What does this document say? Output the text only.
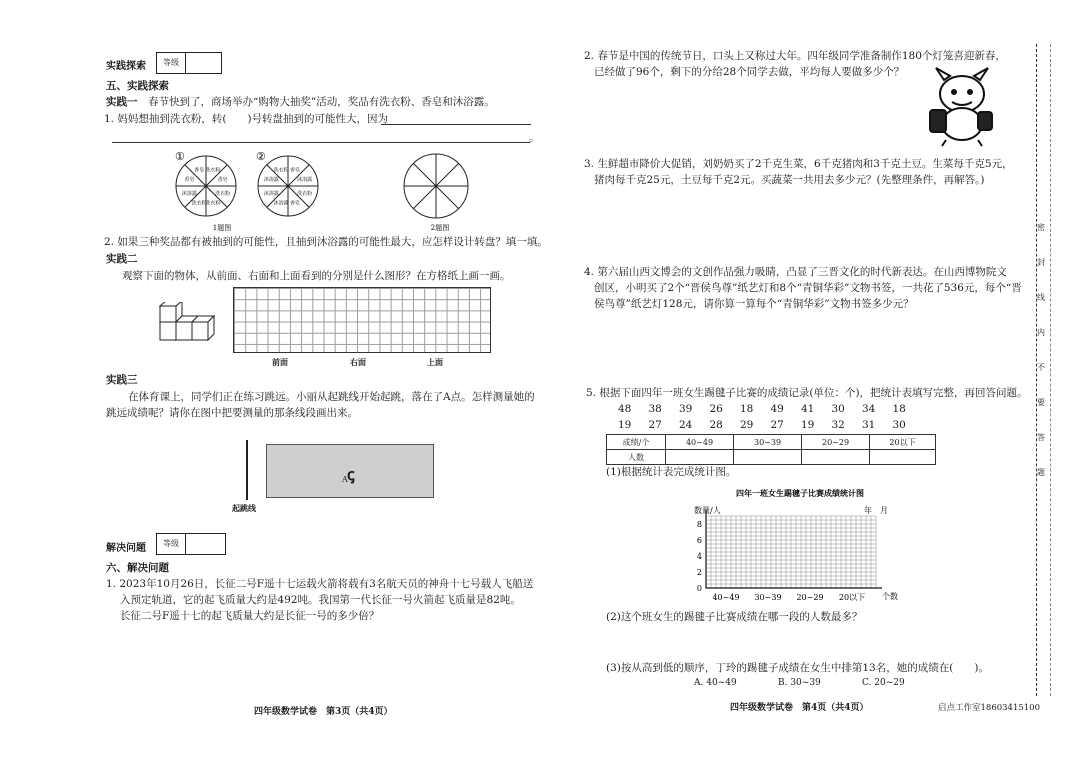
实践探索	等级
五、实践探索
实践一　 春节快到了，商场举办“购物大抽奖”活动，奖品有洗衣粉、香皂和沐浴露。
1. 妈妈想抽到洗衣粉，转(　　)号转盘抽到的可能性大，因为
。
①	②
1题图	2题图
洗衣粉
洗衣粉
洗衣粉
沐浴露
香皂
香皂 洗衣粉
香皂
洗衣粉
香皂
沐浴露
沐浴露
沐浴露
洗衣粉 香皂
沐浴露
2. 如果三种奖品都有被抽到的可能性，且抽到沐浴露的可能性最大，应怎样设计转盘？填一填。
实践二
观察下面的物体，从前面、右面和上面看到的分别是什么图形？在方格纸上画一画。
前面	右面	上面
实践三
在体育课上，同学们正在练习跳远。小丽从起跳线开始起跳，落在了A点。怎样测量她的
跳远成绩呢？请你在图中把要测量的那条线段画出来。
ꞔ
A
起跳线
解决问题	等级
六、解决问题
1. 2023年10月26日，长征二号F遥十七运载火箭将载有3名航天员的神舟十七号载人飞船送
入预定轨道，它的起飞质量大约是492吨。我国第一代长征一号火箭起飞质量是82吨。
长征二号F遥十七的起飞质量大约是长征一号的多少倍？
四年级数学试卷　第3页（共4页）
2. 春节是中国的传统节日，口头上又称过大年。四年级同学准备制作180个灯笼喜迎新春，
已经做了96个，剩下的分给28个同学去做，平均每人要做多少个？
3. 生鲜超市降价大促销，刘奶奶买了2千克生菜，6千克猪肉和3千克土豆。生菜每千克5元，
猪肉每千克25元，土豆每千克2元。买蔬菜一共用去多少元？(先整理条件，再解答。)
4. 第六届山西文博会的文创作品强力吸睛，凸显了三晋文化的时代新表达。在山西博物院文
创区，小明买了2个“晋侯鸟尊”纸艺灯和8个“青铜华彩”文物书签，一共花了536元，每个“晋
侯鸟尊”纸艺灯128元，请你算一算每个“青铜华彩”文物书签多少元？
5. 根据下面四年一班女生踢毽子比赛的成绩记录(单位：个)，把统计表填写完整，再回答问题。
48 38 39 26 18 49 41 30 34 18
19 27 24 28 29 27 19 32 31 30
成绩/个	40~49	30~39	20~29	20以下
人数				
(1)根据统计表完成统计图。
四年一班女生踢毽子比赛成绩统计图
数量/人	年　月
个数
0
2
4
6
8
40~49 30~39 20~29 20以下
(2)这个班女生的踢毽子比赛成绩在哪一段的人数最多？
(3)按从高到低的顺序，丁玲的踢毽子成绩在女生中排第13名，她的成绩在(　　)。
A. 40~49	B. 30~39	C. 20~29
四年级数学试卷　第4页（共4页）	启点工作室18603415100
密
封
线
内
不
要
答
题
